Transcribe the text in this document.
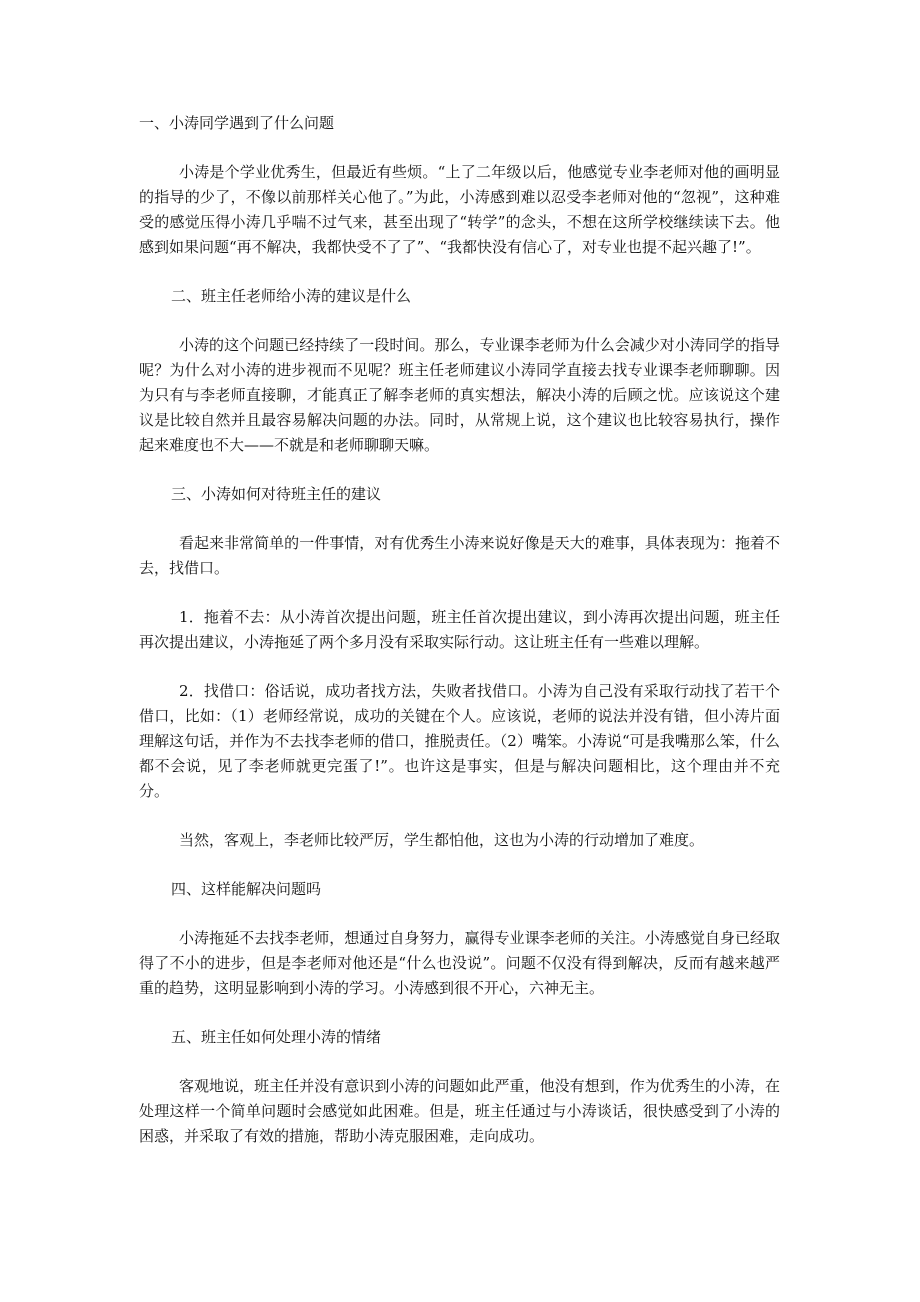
一、小涛同学遇到了什么问题
小涛是个学业优秀生，但最近有些烦。“上了二年级以后，他感觉专业李老师对他的画明显的指导的少了，不像以前那样关心他了。”为此，小涛感到难以忍受李老师对他的“忽视”，这种难受的感觉压得小涛几乎喘不过气来，甚至出现了“转学”的念头，不想在这所学校继续读下去。他感到如果问题“再不解决，我都快受不了了”、“我都快没有信心了，对专业也提不起兴趣了!”。
二、班主任老师给小涛的建议是什么
小涛的这个问题已经持续了一段时间。那么，专业课李老师为什么会减少对小涛同学的指导呢？为什么对小涛的进步视而不见呢？班主任老师建议小涛同学直接去找专业课李老师聊聊。因为只有与李老师直接聊，才能真正了解李老师的真实想法，解决小涛的后顾之忧。应该说这个建议是比较自然并且最容易解决问题的办法。同时，从常规上说，这个建议也比较容易执行，操作起来难度也不大——不就是和老师聊聊天嘛。
三、小涛如何对待班主任的建议
看起来非常简单的一件事情，对有优秀生小涛来说好像是天大的难事，具体表现为：拖着不去，找借口。
1．拖着不去：从小涛首次提出问题，班主任首次提出建议，到小涛再次提出问题，班主任再次提出建议，小涛拖延了两个多月没有采取实际行动。这让班主任有一些难以理解。
2．找借口：俗话说，成功者找方法，失败者找借口。小涛为自己没有采取行动找了若干个借口，比如：（1）老师经常说，成功的关键在个人。应该说，老师的说法并没有错，但小涛片面理解这句话，并作为不去找李老师的借口，推脱责任。（2）嘴笨。小涛说“可是我嘴那么笨，什么都不会说，见了李老师就更完蛋了!”。也许这是事实，但是与解决问题相比，这个理由并不充分。
当然，客观上，李老师比较严厉，学生都怕他，这也为小涛的行动增加了难度。
四、这样能解决问题吗
小涛拖延不去找李老师，想通过自身努力，赢得专业课李老师的关注。小涛感觉自身已经取得了不小的进步，但是李老师对他还是“什么也没说”。问题不仅没有得到解决，反而有越来越严重的趋势，这明显影响到小涛的学习。小涛感到很不开心，六神无主。
五、班主任如何处理小涛的情绪
客观地说，班主任并没有意识到小涛的问题如此严重，他没有想到，作为优秀生的小涛，在处理这样一个简单问题时会感觉如此困难。但是，班主任通过与小涛谈话，很快感受到了小涛的困惑，并采取了有效的措施，帮助小涛克服困难，走向成功。
